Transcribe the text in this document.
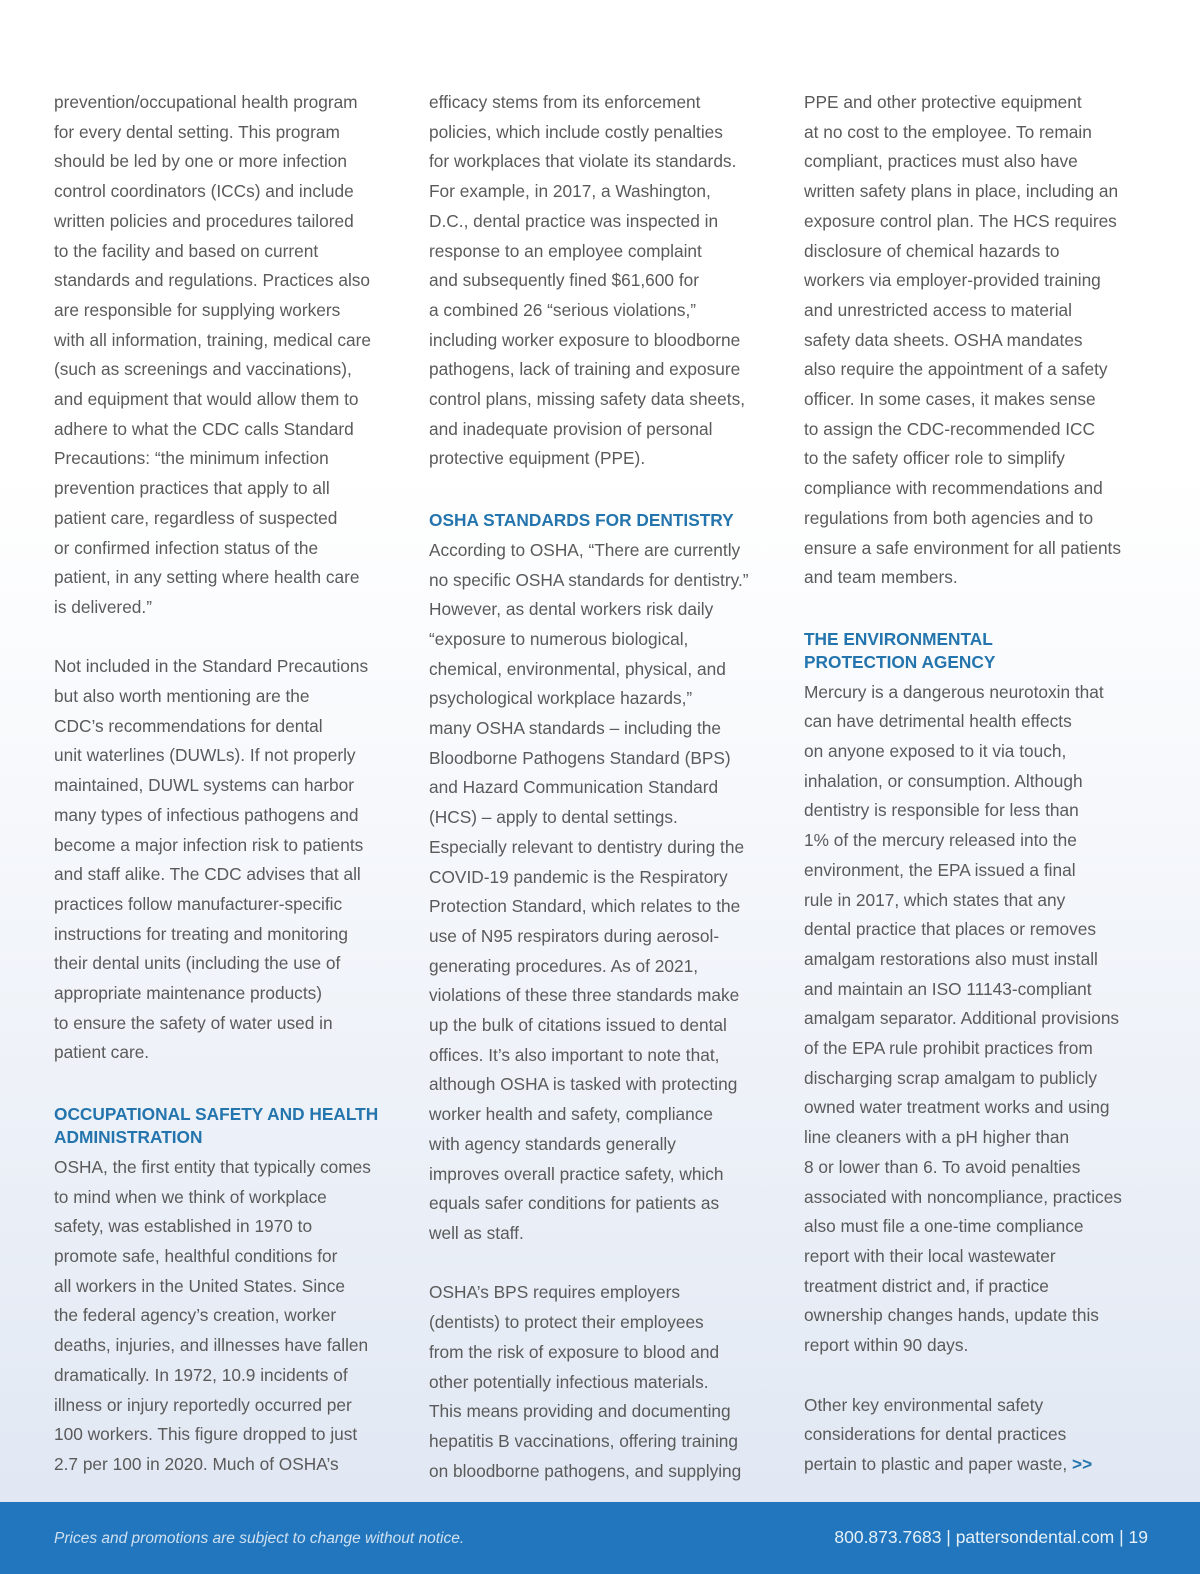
prevention/occupational health program
for every dental setting. This program
should be led by one or more infection
control coordinators (ICCs) and include
written policies and procedures tailored
to the facility and based on current
standards and regulations. Practices also
are responsible for supplying workers
with all information, training, medical care
(such as screenings and vaccinations),
and equipment that would allow them to
adhere to what the CDC calls Standard
Precautions: “the minimum infection
prevention practices that apply to all
patient care, regardless of suspected
or confirmed infection status of the
patient, in any setting where health care
is delivered.”

Not included in the Standard Precautions
but also worth mentioning are the
CDC’s recommendations for dental
unit waterlines (DUWLs). If not properly
maintained, DUWL systems can harbor
many types of infectious pathogens and
become a major infection risk to patients
and staff alike. The CDC advises that all
practices follow manufacturer-specific
instructions for treating and monitoring
their dental units (including the use of
appropriate maintenance products)
to ensure the safety of water used in
patient care.

OCCUPATIONAL SAFETY AND HEALTH
ADMINISTRATION

OSHA, the first entity that typically comes
to mind when we think of workplace
safety, was established in 1970 to
promote safe, healthful conditions for
all workers in the United States. Since
the federal agency’s creation, worker
deaths, injuries, and illnesses have fallen
dramatically. In 1972, 10.9 incidents of
illness or injury reportedly occurred per
100 workers. This figure dropped to just
2.7 per 100 in 2020. Much of OSHA’s

efficacy stems from its enforcement
policies, which include costly penalties
for workplaces that violate its standards.
For example, in 2017, a Washington,
D.C., dental practice was inspected in
response to an employee complaint
and subsequently fined $61,600 for
a combined 26 “serious violations,”
including worker exposure to bloodborne
pathogens, lack of training and exposure
control plans, missing safety data sheets,
and inadequate provision of personal
protective equipment (PPE).

OSHA STANDARDS FOR DENTISTRY

According to OSHA, “There are currently
no specific OSHA standards for dentistry.”
However, as dental workers risk daily
“exposure to numerous biological,
chemical, environmental, physical, and
psychological workplace hazards,”
many OSHA standards – including the
Bloodborne Pathogens Standard (BPS)
and Hazard Communication Standard
(HCS) – apply to dental settings.
Especially relevant to dentistry during the
COVID-19 pandemic is the Respiratory
Protection Standard, which relates to the
use of N95 respirators during aerosol-
generating procedures. As of 2021,
violations of these three standards make
up the bulk of citations issued to dental
offices. It’s also important to note that,
although OSHA is tasked with protecting
worker health and safety, compliance
with agency standards generally
improves overall practice safety, which
equals safer conditions for patients as
well as staff.

OSHA’s BPS requires employers
(dentists) to protect their employees
from the risk of exposure to blood and
other potentially infectious materials.
This means providing and documenting
hepatitis B vaccinations, offering training
on bloodborne pathogens, and supplying

PPE and other protective equipment
at no cost to the employee. To remain
compliant, practices must also have
written safety plans in place, including an
exposure control plan. The HCS requires
disclosure of chemical hazards to
workers via employer-provided training
and unrestricted access to material
safety data sheets. OSHA mandates
also require the appointment of a safety
officer. In some cases, it makes sense
to assign the CDC-recommended ICC
to the safety officer role to simplify
compliance with recommendations and
regulations from both agencies and to
ensure a safe environment for all patients
and team members.

THE ENVIRONMENTAL
PROTECTION AGENCY

Mercury is a dangerous neurotoxin that
can have detrimental health effects
on anyone exposed to it via touch,
inhalation, or consumption. Although
dentistry is responsible for less than
1% of the mercury released into the
environment, the EPA issued a final
rule in 2017, which states that any
dental practice that places or removes
amalgam restorations also must install
and maintain an ISO 11143-compliant
amalgam separator. Additional provisions
of the EPA rule prohibit practices from
discharging scrap amalgam to publicly
owned water treatment works and using
line cleaners with a pH higher than
8 or lower than 6. To avoid penalties
associated with noncompliance, practices
also must file a one-time compliance
report with their local wastewater
treatment district and, if practice
ownership changes hands, update this
report within 90 days.

Other key environmental safety
considerations for dental practices
pertain to plastic and paper waste, >>

Prices and promotions are subject to change without notice.	800.873.7683 | pattersondental.com | 19
